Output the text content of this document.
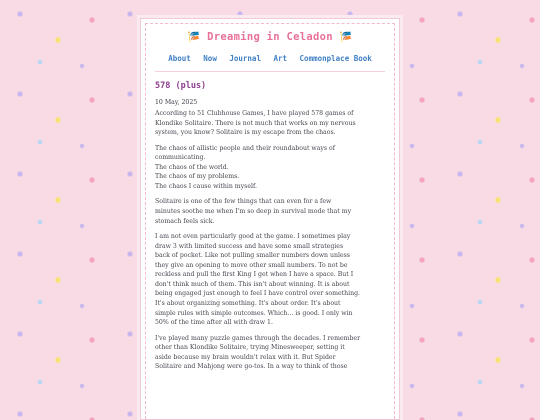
🎏 Dreaming in Celadon 🎏
About Now Journal Art Commonplace Book
578 (plus)
10 May, 2025

According to 51 Clubhouse Games, I have played 578 games of
Klondike Solitaire. There is not much that works on my nervous
system, you know? Solitaire is my escape from the chaos.

The chaos of allistic people and their roundabout ways of
communicating.
The chaos of the world.
The chaos of my problems.
The chaos I cause within myself.

Solitaire is one of the few things that can even for a few
minutes soothe me when I'm so deep in survival mode that my
stomach feels sick.

I am not even particularly good at the game. I sometimes play
draw 3 with limited success and have some small strategies
back of pocket. Like not pulling smaller numbers down unless
they give an opening to move other small numbers. To not be
reckless and pull the first King I get when I have a space. But I
don't think much of them. This isn't about winning. It is about
being engaged just enough to feel I have control over something.
It's about organizing something. It's about order. It's about
simple rules with simple outcomes. Which... is good. I only win
50% of the time after all with draw 1.

I've played many puzzle games through the decades. I remember
other than Klondike Solitaire, trying Minesweeper, setting it
aside because my brain wouldn't relax with it. But Spider
Solitaire and Mahjong were go-tos. In a way to think of those
